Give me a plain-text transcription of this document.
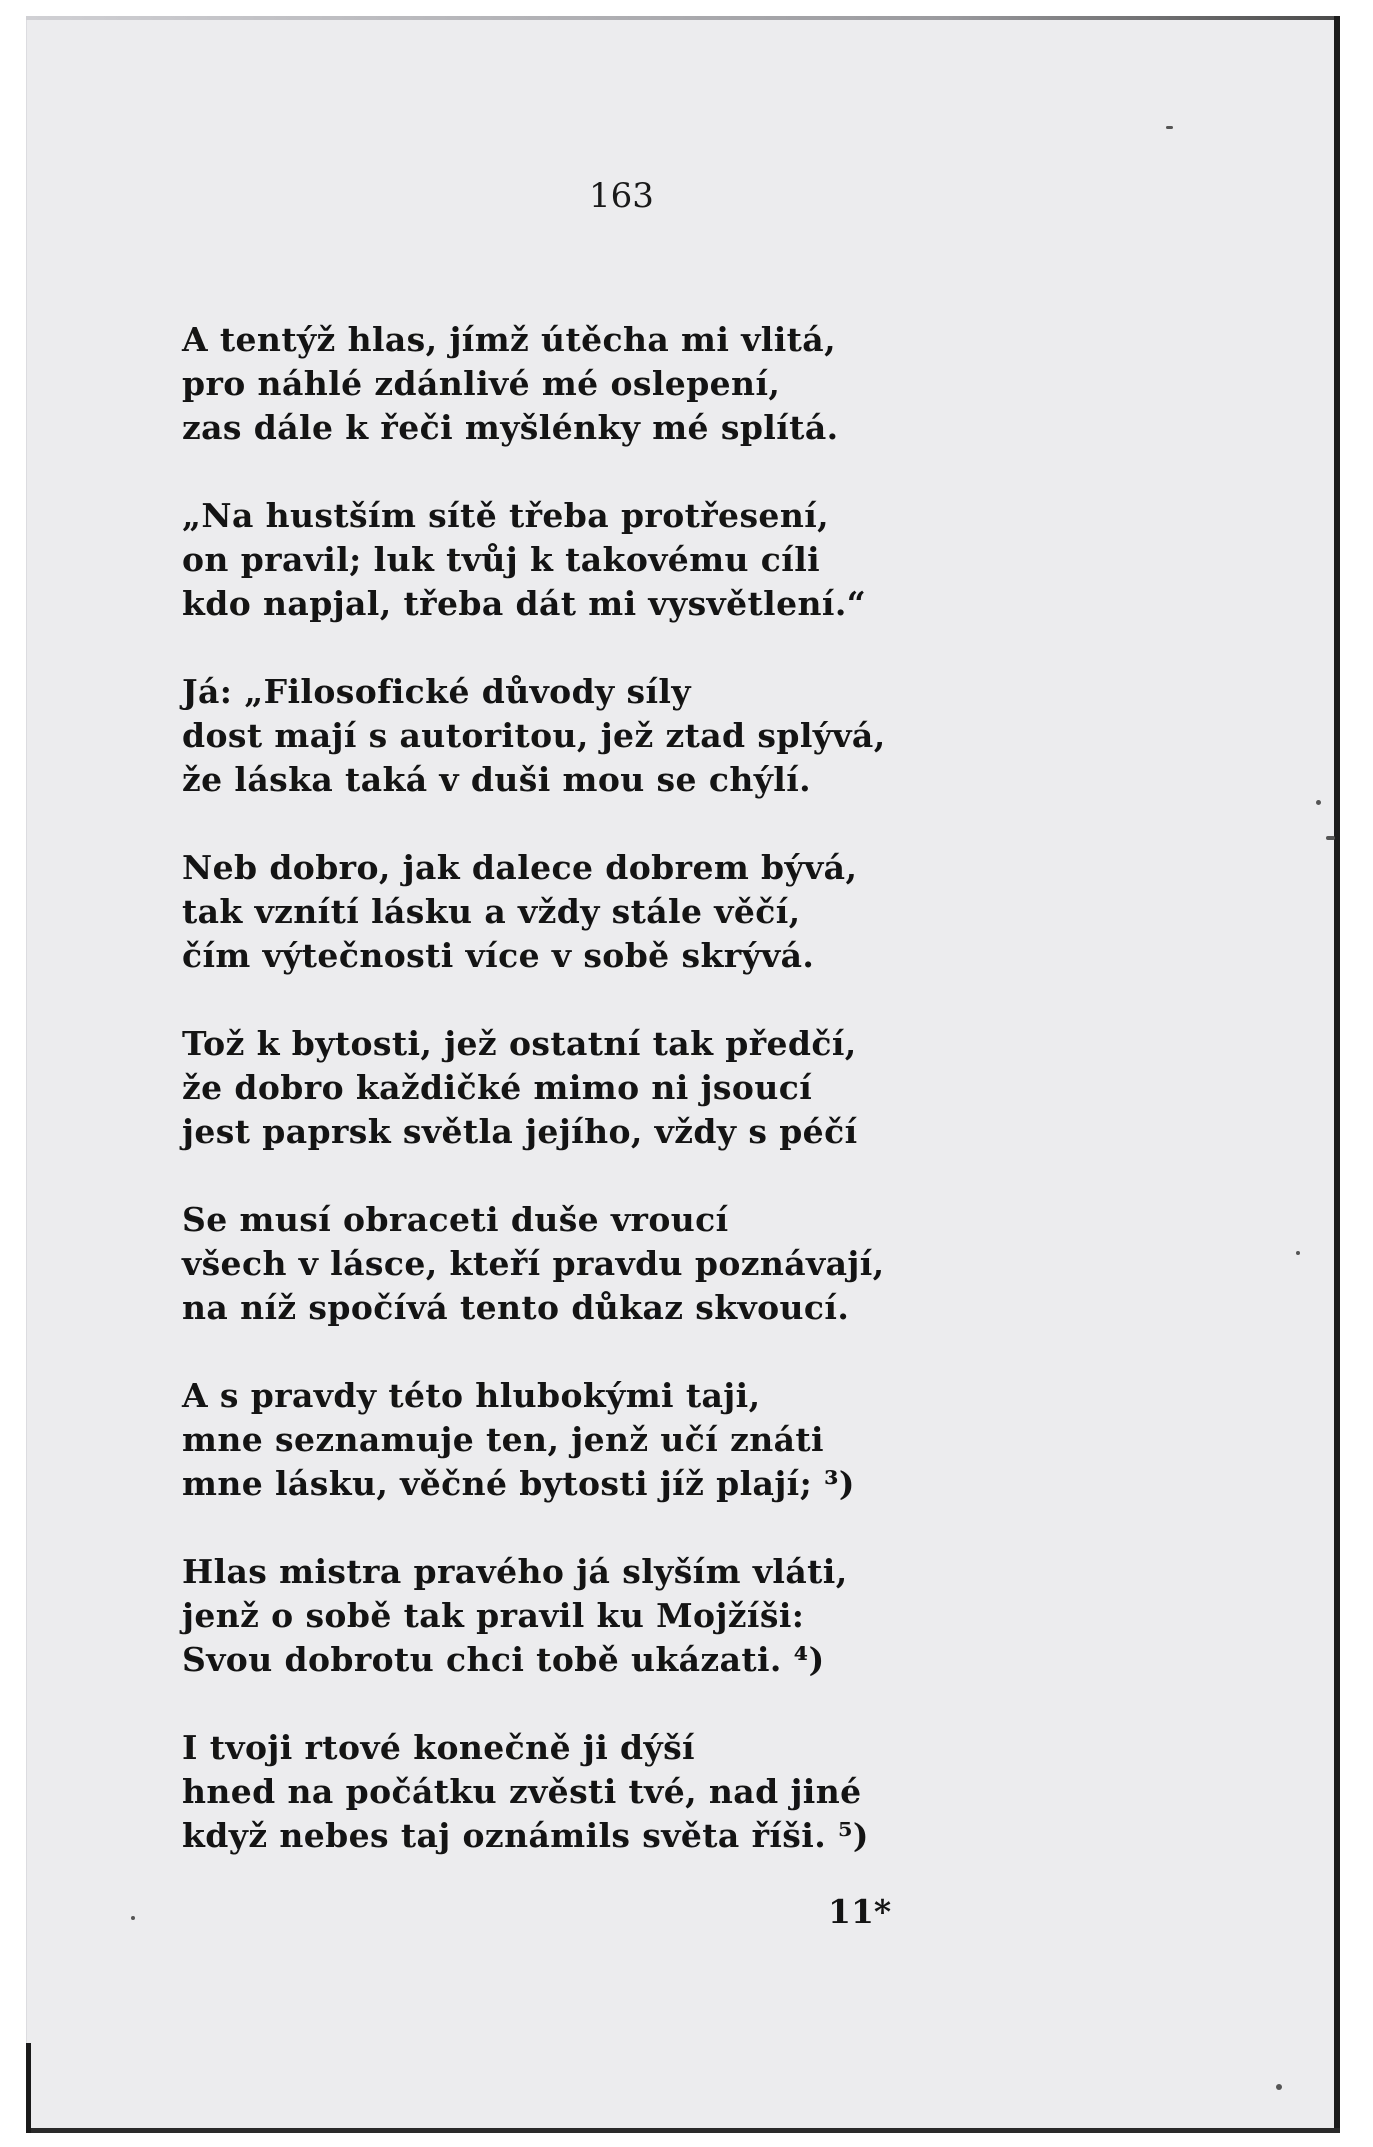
163
A tentýž hlas, jímž útěcha mi vlitá,
pro náhlé zdánlivé mé oslepení,
zas dále k řeči myšlénky mé splítá.
„Na hustším sítě třeba protřesení,
on pravil; luk tvůj k takovému cíli
kdo napjal, třeba dát mi vysvětlení.“
Já: „Filosofické důvody síly
dost mají s autoritou, jež ztad splývá,
že láska taká v duši mou se chýlí.
Neb dobro, jak dalece dobrem bývá,
tak vznítí lásku a vždy stále věčí,
čím výtečnosti více v sobě skrývá.
Tož k bytosti, jež ostatní tak předčí,
že dobro každičké mimo ni jsoucí
jest paprsk světla jejího, vždy s péčí
Se musí obraceti duše vroucí
všech v lásce, kteří pravdu poznávají,
na níž spočívá tento důkaz skvoucí.
A s pravdy této hlubokými taji,
mne seznamuje ten, jenž učí znáti
mne lásku, věčné bytosti jíž plají; ³)
Hlas mistra pravého já slyším vláti,
jenž o sobě tak pravil ku Mojžíši:
Svou dobrotu chci tobě ukázati. ⁴)
I tvoji rtové konečně ji dýší
hned na počátku zvěsti tvé, nad jiné
když nebes taj oznámils světa říši. ⁵)
11*
